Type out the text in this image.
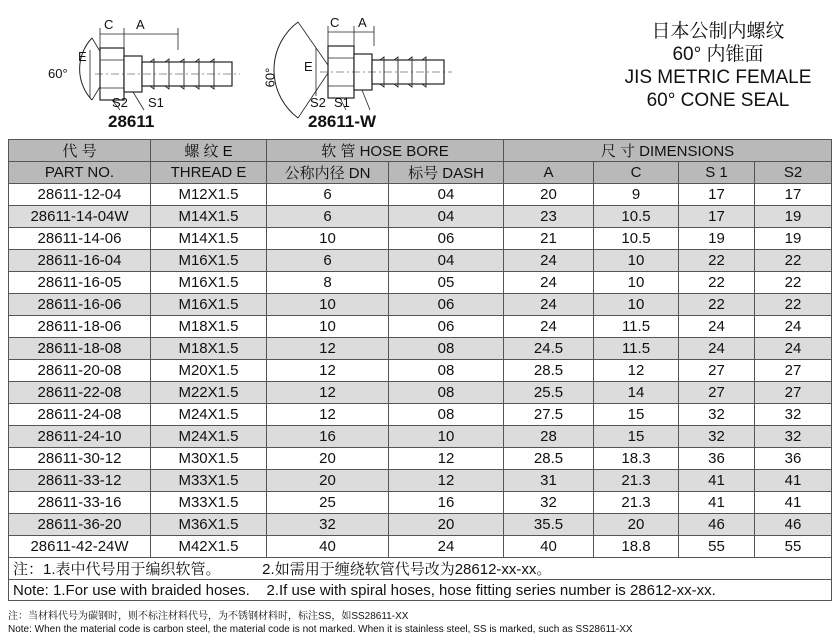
C A
E
60°
S2 S1
28611
C A
E
60°
S2 S1
28611-W
日本公制内螺纹
60° 内锥面
JIS METRIC FEMALE
60° CONE SEAL
代 号	螺 纹 E	软 管 HOSE BORE		尺 寸 DIMENSIONS			
PART NO.	THREAD E	公称内径 DN	标号 DASH	A	C	S 1	S2
28611-12-04	M12X1.5	6	04	20	9	17	17
28611-14-04W	M14X1.5	6	04	23	10.5	17	19
28611-14-06	M14X1.5	10	06	21	10.5	19	19
28611-16-04	M16X1.5	6	04	24	10	22	22
28611-16-05	M16X1.5	8	05	24	10	22	22
28611-16-06	M16X1.5	10	06	24	10	22	22
28611-18-06	M18X1.5	10	06	24	11.5	24	24
28611-18-08	M18X1.5	12	08	24.5	11.5	24	24
28611-20-08	M20X1.5	12	08	28.5	12	27	27
28611-22-08	M22X1.5	12	08	25.5	14	27	27
28611-24-08	M24X1.5	12	08	27.5	15	32	32
28611-24-10	M24X1.5	16	10	28	15	32	32
28611-30-12	M30X1.5	20	12	28.5	18.3	36	36
28611-33-12	M33X1.5	20	12	31	21.3	41	41
28611-33-16	M33X1.5	25	16	32	21.3	41	41
28611-36-20	M36X1.5	32	20	35.5	20	46	46
28611-42-24W	M42X1.5	40	24	40	18.8	55	55
注：1.表中代号用于编织软管。          2.如需用于缠绕软管代号改为28612-xx-xx。							
Note: 1.For use with braided hoses.    2.If use with spiral hoses, hose fitting series number is 28612-xx-xx.							
注：当材料代号为碳钢时，则不标注材料代号，为不锈钢材料时，标注SS，如SS28611-XX
Note: When the material code is carbon steel, the material code is not marked. When it is stainless steel, SS is marked, such as SS28611-XX
